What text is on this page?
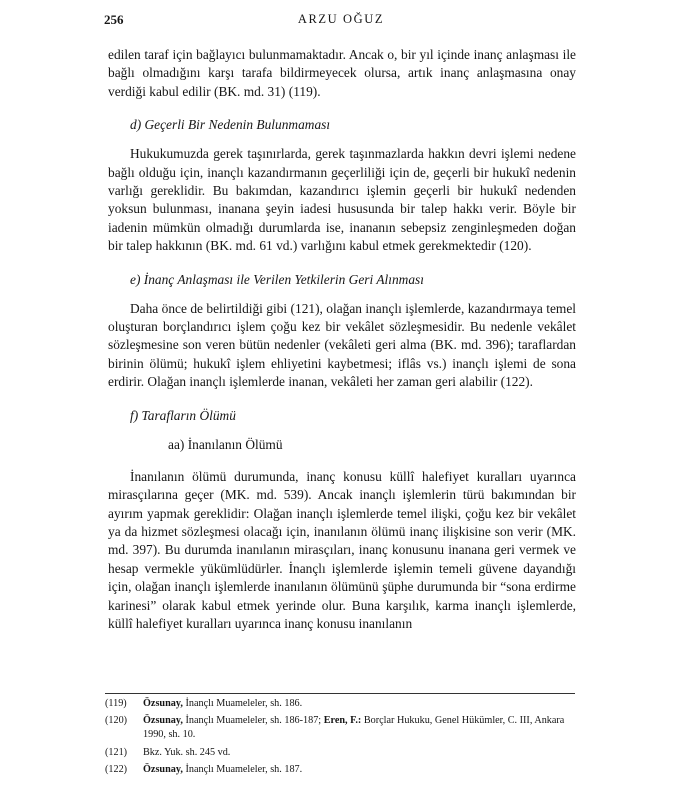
256	ARZU OĞUZ

edilen taraf için bağlayıcı bulunmamaktadır. Ancak o, bir yıl içinde inanç anlaşması ile bağlı olmadığını karşı tarafa bildirmeyecek olursa, artık inanç anlaşmasına onay verdiği kabul edilir (BK. md. 31) (119).

d) Geçerli Bir Nedenin Bulunmaması

Hukukumuzda gerek taşınırlarda, gerek taşınmazlarda hakkın devri işlemi nedene bağlı olduğu için, inançlı kazandırmanın geçerliliği için de, geçerli bir hukukî nedenin varlığı gereklidir. Bu bakımdan, kazandırıcı işlemin geçerli bir hukukî nedenden yoksun bulunması, inanana şeyin iadesi hususunda bir talep hakkı verir. Böyle bir iadenin mümkün olmadığı durumlarda ise, inananın sebepsiz zenginleşmeden doğan bir talep hakkının (BK. md. 61 vd.) varlığını kabul etmek gerekmektedir (120).

e) İnanç Anlaşması ile Verilen Yetkilerin Geri Alınması

Daha önce de belirtildiği gibi (121), olağan inançlı işlemlerde, kazandırmaya temel oluşturan borçlandırıcı işlem çoğu kez bir vekâlet sözleşmesidir. Bu nedenle vekâlet sözleşmesine son veren bütün nedenler (vekâleti geri alma (BK. md. 396); taraflardan birinin ölümü; hukukî işlem ehliyetini kaybetmesi; iflâs vs.) inançlı işlemi de sona erdirir. Olağan inançlı işlemlerde inanan, vekâleti her zaman geri alabilir (122).

f) Tarafların Ölümü
aa) İnanılanın Ölümü

İnanılanın ölümü durumunda, inanç konusu küllî halefiyet kuralları uyarınca mirasçılarına geçer (MK. md. 539). Ancak inançlı işlemlerin türü bakımından bir ayırım yapmak gereklidir: Olağan inançlı işlemlerde temel ilişki, çoğu kez bir vekâlet ya da hizmet sözleşmesi olacağı için, inanılanın ölümü inanç ilişkisine son verir (MK. md. 397). Bu durumda inanılanın mirasçıları, inanç konusunu inanana geri vermek ve hesap vermekle yükümlüdürler. İnançlı işlemlerde işlemin temeli güvene dayandığı için, olağan inançlı işlemlerde inanılanın ölümünü şüphe durumunda bir “sona erdirme karinesi” olarak kabul etmek yerinde olur. Buna karşılık, karma inançlı işlemlerde, küllî halefiyet kuralları uyarınca inanç konusu inanılanın

(119) Özsunay, İnançlı Muameleler, sh. 186.
(120) Özsunay, İnançlı Muameleler, sh. 186-187; Eren, F.: Borçlar Hukuku, Genel Hükümler, C. III, Ankara 1990, sh. 10.
(121) Bkz. Yuk. sh. 245 vd.
(122) Özsunay, İnançlı Muameleler, sh. 187.
